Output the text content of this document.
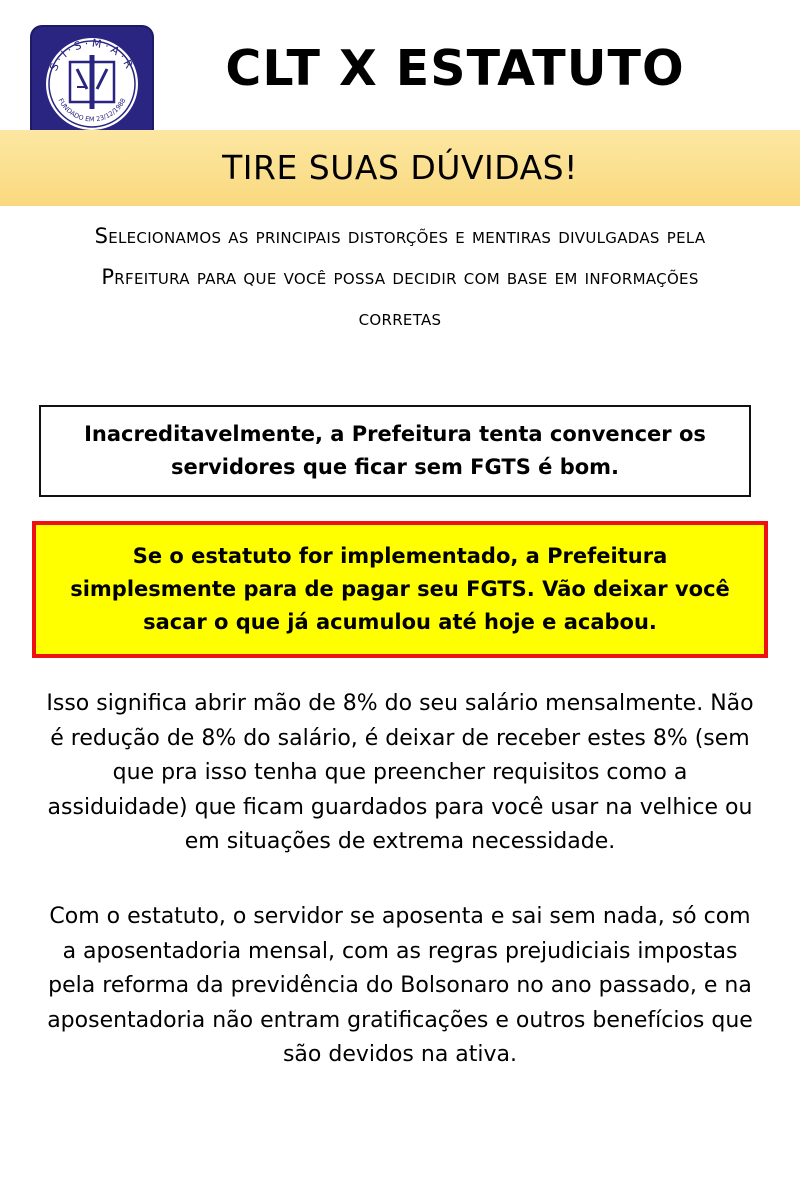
S·I·S·M·A·R
FUNDADO EM 23/12/1988
CLT X ESTATUTO
TIRE SUAS DÚVIDAS!

Selecionamos as principais distorções e mentiras divulgadas pela Prfeitura para que você possa decidir com base em informações corretas

Inacreditavelmente, a Prefeitura tenta convencer os servidores que ficar sem FGTS é bom.
Se o estatuto for implementado, a Prefeitura simplesmente para de pagar seu FGTS. Vão deixar você sacar o que já acumulou até hoje e acabou.

Isso significa abrir mão de 8% do seu salário mensalmente. Não é redução de 8% do salário, é deixar de receber estes 8% (sem que pra isso tenha que preencher requisitos como a assiduidade) que ficam guardados para você usar na velhice ou em situações de extrema necessidade.

Com o estatuto, o servidor se aposenta e sai sem nada, só com a aposentadoria mensal, com as regras prejudiciais impostas pela reforma da previdência do Bolsonaro no ano passado, e na aposentadoria não entram gratificações e outros benefícios que são devidos na ativa.
